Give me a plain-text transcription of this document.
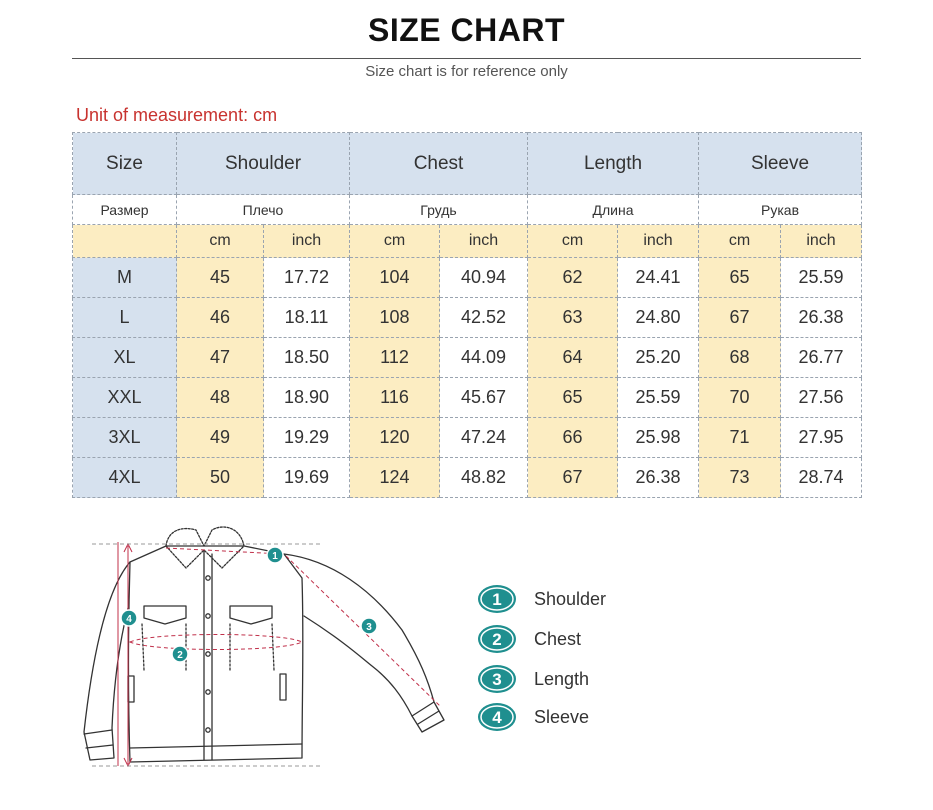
SIZE CHART
Size chart is for reference only
Unit of measurement: cm
Size	Shoulder		Chest		Length		Sleeve	
Размер	Плечо		Грудь		Длина		Рукав	
	cm	inch	cm	inch	cm	inch	cm	inch
M	45	17.72	104	40.94	62	24.41	65	25.59
L	46	18.11	108	42.52	63	24.80	67	26.38
XL	47	18.50	112	44.09	64	25.20	68	26.77
XXL	48	18.90	116	45.67	65	25.59	70	27.56
3XL	49	19.29	120	47.24	66	25.98	71	27.95
4XL	50	19.69	124	48.82	67	26.38	73	28.74
1
2
3
4
1 Shoulder
2 Chest
3 Length
4 Sleeve
